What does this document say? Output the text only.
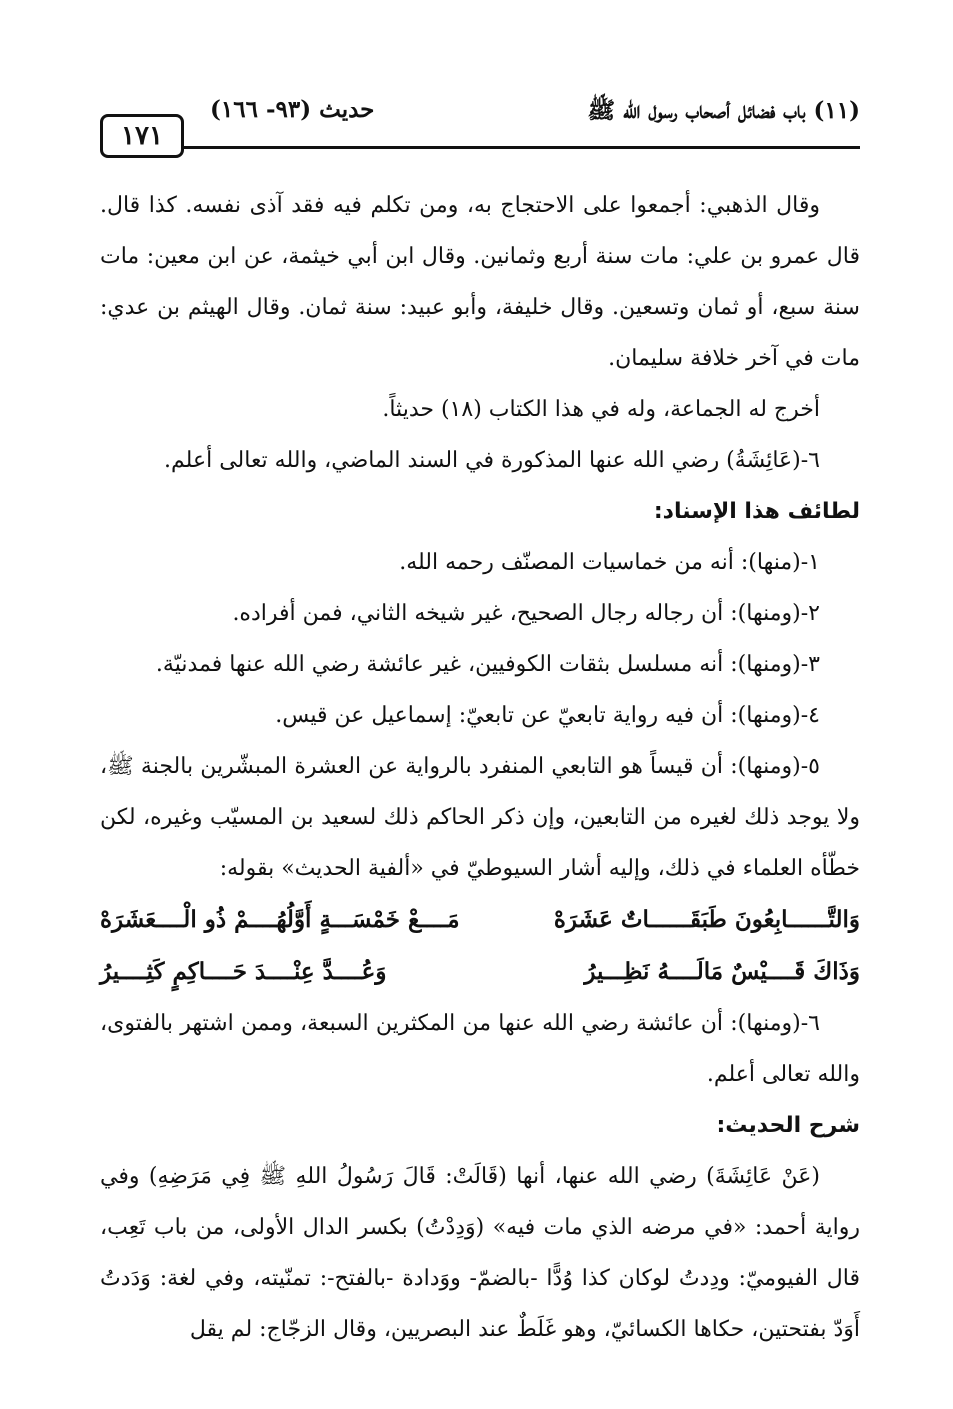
١٧١
حديث (٩٣- ١٦٦)	(١١) باب فضائل أصحاب رسول الله ﷺ

وقال الذهبي: أجمعوا على الاحتجاج به، ومن تكلم فيه فقد آذى نفسه. كذا قال. قال عمرو بن علي: مات سنة أربع وثمانين. وقال ابن أبي خيثمة، عن ابن معين: مات سنة سبع، أو ثمان وتسعين. وقال خليفة، وأبو عبيد: سنة ثمان. وقال الهيثم بن عدي: مات في آخر خلافة سليمان.

أخرج له الجماعة، وله في هذا الكتاب (١٨) حديثاً.

٦-(عَائِشَةُ) رضي الله عنها المذكورة في السند الماضي، والله تعالى أعلم.

لطائف هذا الإسناد:

١-(منها): أنه من خماسيات المصنّف رحمه الله.

٢-(ومنها): أن رجاله رجال الصحيح، غير شيخه الثاني، فمن أفراده.

٣-(ومنها): أنه مسلسل بثقات الكوفيين، غير عائشة رضي الله عنها فمدنيّة.

٤-(ومنها): أن فيه رواية تابعيّ عن تابعيّ: إسماعيل عن قيس.

٥-(ومنها): أن قيساً هو التابعي المنفرد بالرواية عن العشرة المبشّرين بالجنة ﷺ، ولا يوجد ذلك لغيره من التابعين، وإن ذكر الحاكم ذلك لسعيد بن المسيّب وغيره، لكن خطّأه العلماء في ذلك، وإليه أشار السيوطيّ في «ألفية الحديث» بقوله:

وَالتَّــــــابِعُونَ طَبَقَــــــاتٌ عَشَرَهْ
مَــــعْ خَمْسَـــةٍ أَوَّلُهُــــمْ ذُو الْــــعَشَرَهْ
وَذَاكَ قَــــيْسٌ مَالَــــهُ نَظِـــيرُ
وَعُــــدَّ عِنْــــدَ حَــــاكِمٍ كَثِــــيرُ

٦-(ومنها): أن عائشة رضي الله عنها من المكثرين السبعة، وممن اشتهر بالفتوى، والله تعالى أعلم.

شرح الحديث:

(عَنْ عَائِشَةَ) رضي الله عنها، أنها (قَالَتْ: قَالَ رَسُولُ اللهِ ﷺ فِي مَرَضِهِ) وفي رواية أحمد: «في مرضه الذي مات فيه» (وَدِدْتُ) بكسر الدال الأولى، من باب تَعِب، قال الفيوميّ: ودِدتُ لوكان كذا وُدًّا -بالضمّ- ووَدادة -بالفتح-: تمنّيته، وفي لغة: وَدَدتُ أَوَدّ بفتحتين، حكاها الكسائيّ، وهو غَلَطٌ عند البصريين، وقال الزجّاج: لم يقل
